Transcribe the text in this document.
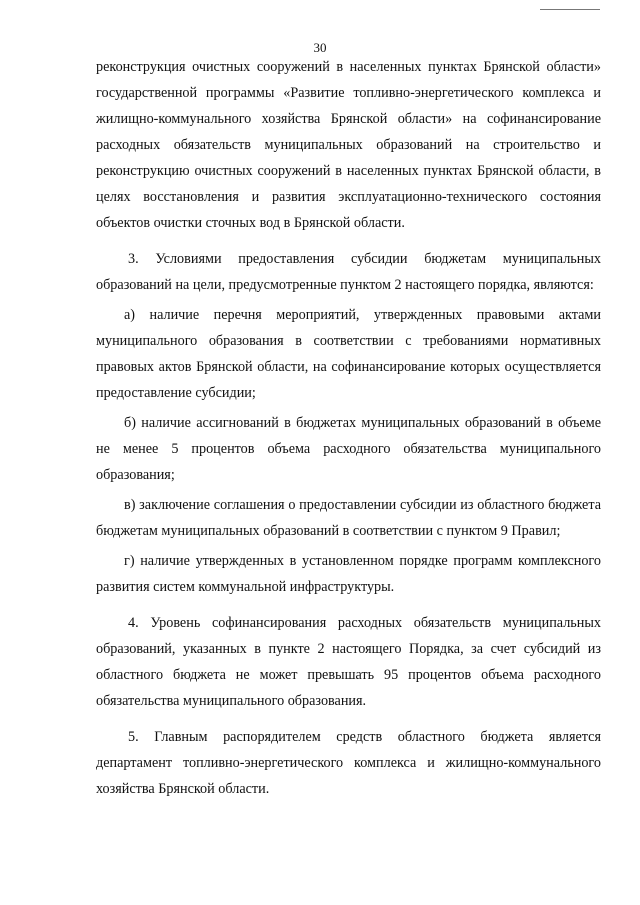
30

реконструкция очистных сооружений в населенных пунктах Брянской области» государственной программы «Развитие топливно-энергетического комплекса и жилищно-коммунального хозяйства Брянской области» на софинансирование расходных обязательств муниципальных образований на строительство и реконструкцию очистных сооружений в населенных пунктах Брянской области, в целях восстановления и развития эксплуатационно-технического состояния объектов очистки сточных вод в Брянской области.

3. Условиями предоставления субсидии бюджетам муниципальных образований на цели, предусмотренные пунктом 2 настоящего порядка, являются:

а) наличие перечня мероприятий, утвержденных правовыми актами муниципального образования в соответствии с требованиями нормативных правовых актов Брянской области, на софинансирование которых осуществляется предоставление субсидии;

б) наличие ассигнований в бюджетах муниципальных образований в объеме не менее 5 процентов объема расходного обязательства муниципального образования;

в) заключение соглашения о предоставлении субсидии из областного бюджета бюджетам муниципальных образований в соответствии с пунктом 9 Правил;

г) наличие утвержденных в установленном порядке программ комплексного развития систем коммунальной инфраструктуры.

4. Уровень софинансирования расходных обязательств муниципальных образований, указанных в пункте 2 настоящего Порядка, за счет субсидий из областного бюджета не может превышать 95 процентов объема расходного обязательства муниципального образования.

5. Главным распорядителем средств областного бюджета является департамент топливно-энергетического комплекса и жилищно-коммунального хозяйства Брянской области.
